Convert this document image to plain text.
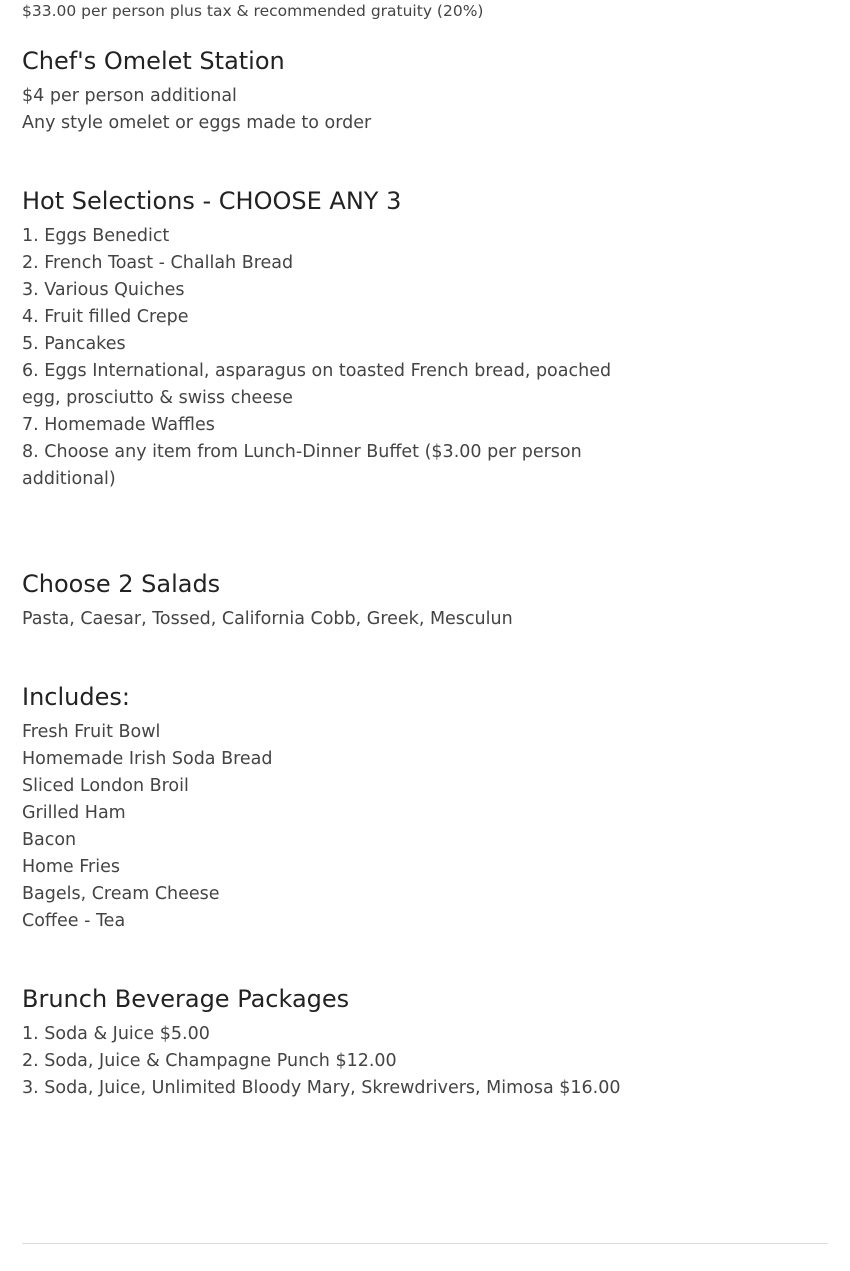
$33.00 per person plus tax & recommended gratuity (20%)

Chef's Omelet Station

$4 per person additional

Any style omelet or eggs made to order

Hot Selections - CHOOSE ANY 3

1. Eggs Benedict

2. French Toast - Challah Bread

3. Various Quiches

4. Fruit filled Crepe

5. Pancakes

6. Eggs International, asparagus on toasted French bread, poached

egg, prosciutto & swiss cheese

7. Homemade Waffles

8. Choose any item from Lunch-Dinner Buffet ($3.00 per person

additional)

Choose 2 Salads

Pasta, Caesar, Tossed, California Cobb, Greek, Mesculun

Includes:

Fresh Fruit Bowl

Homemade Irish Soda Bread

Sliced London Broil

Grilled Ham

Bacon

Home Fries

Bagels, Cream Cheese

Coffee - Tea

Brunch Beverage Packages

1. Soda & Juice $5.00

2. Soda, Juice & Champagne Punch $12.00

3. Soda, Juice, Unlimited Bloody Mary, Skrewdrivers, Mimosa $16.00
